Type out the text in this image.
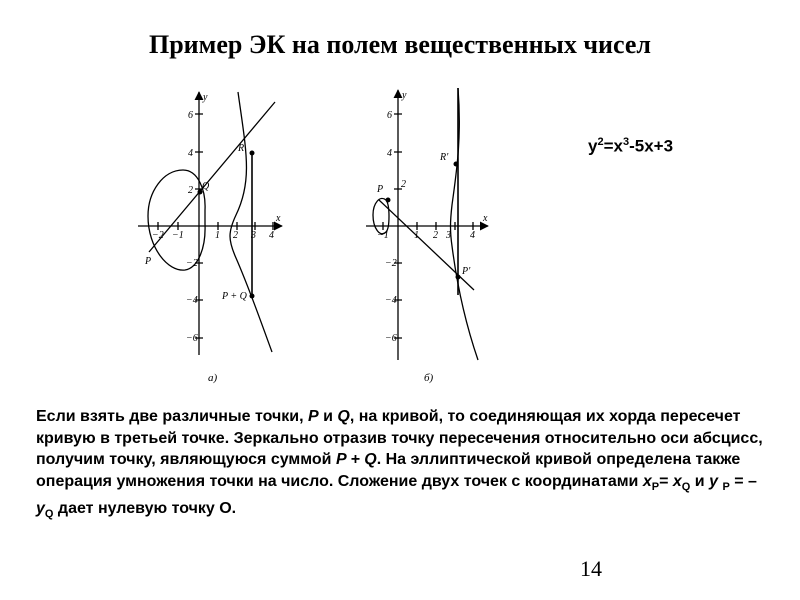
Пример ЭК на полем вещественных чисел
$y^2=x^3-5x+3$
y
x
6
4
2
−2
−4
−6
−2 −1	1 2 3 4
P
Q
R
P + Q
а)
y
x
6
4
2
−2
−4
−6
−1	1 2 3 4
P
R'
P'
б)
Если взять две различные точки, P и Q, на кривой, то соединяющая их хорда пересечет кривую в третьей точке. Зеркально отразив точку пересечения относительно оси абсцисс, получим точку, являющуюся суммой P + Q. На эллиптической кривой определена также операция умножения точки на число. Сложение двух точек с координатами $x_P= x_Q$ и y $_P$ = – $y_Q$ дает нулевую точку О.
14
